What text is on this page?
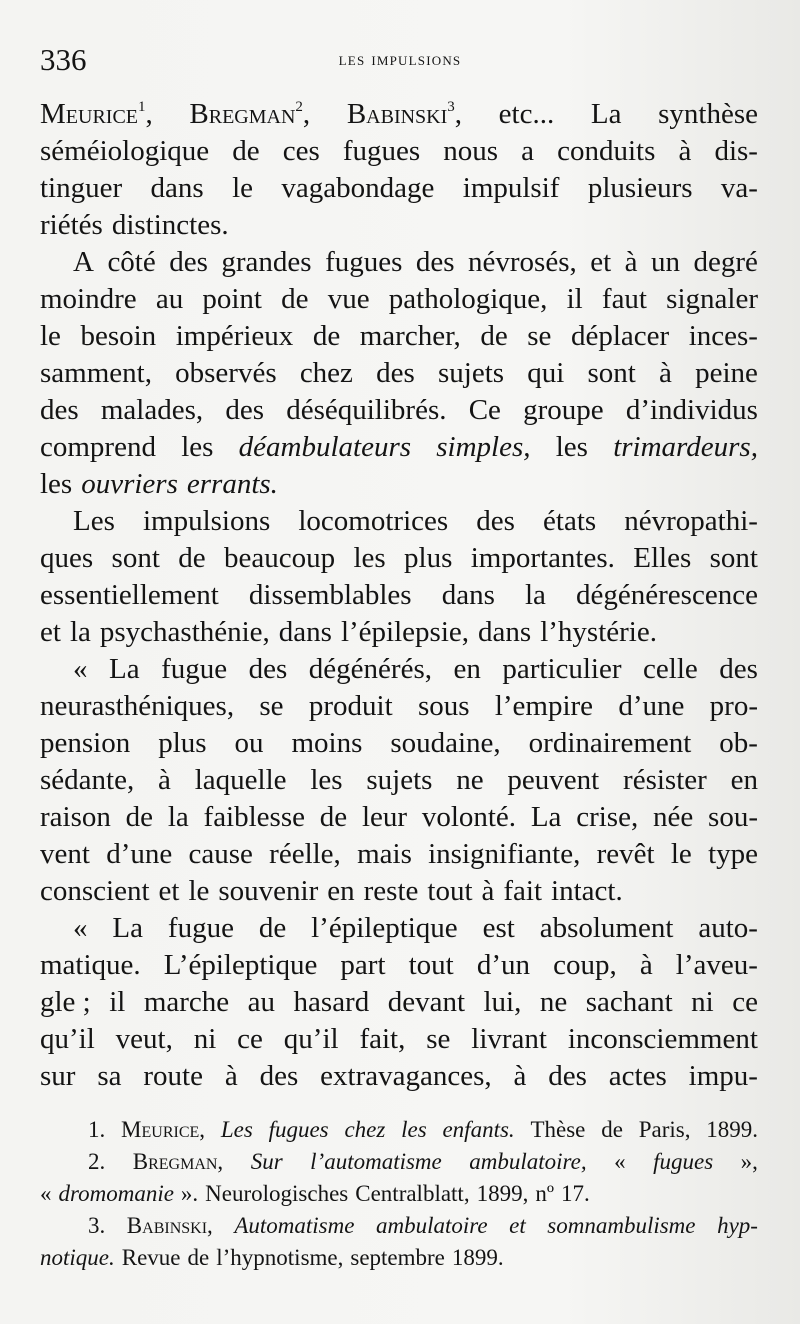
336	les impulsions
Meurice$^1$, Bregman$^2$, Babinski$^3$, etc... La synthèse
séméiologique de ces fugues nous a conduits à dis-
tinguer dans le vagabondage impulsif plusieurs va-
riétés distinctes.
A côté des grandes fugues des névrosés, et à un degré
moindre au point de vue pathologique, il faut signaler
le besoin impérieux de marcher, de se déplacer inces-
samment, observés chez des sujets qui sont à peine
des malades, des déséquilibrés. Ce groupe d’individus
comprend les déambulateurs simples, les trimardeurs,
les ouvriers errants.
Les impulsions locomotrices des états névropathi-
ques sont de beaucoup les plus importantes. Elles sont
essentiellement dissemblables dans la dégénérescence
et la psychasthénie, dans l’épilepsie, dans l’hystérie.
« La fugue des dégénérés, en particulier celle des
neurasthéniques, se produit sous l’empire d’une pro-
pension plus ou moins soudaine, ordinairement ob-
sédante, à laquelle les sujets ne peuvent résister en
raison de la faiblesse de leur volonté. La crise, née sou-
vent d’une cause réelle, mais insignifiante, revêt le type
conscient et le souvenir en reste tout à fait intact.
« La fugue de l’épileptique est absolument auto-
matique. L’épileptique part tout d’un coup, à l’aveu-
gle ; il marche au hasard devant lui, ne sachant ni ce
qu’il veut, ni ce qu’il fait, se livrant inconsciemment
sur sa route à des extravagances, à des actes impu-
1. Meurice, Les fugues chez les enfants. Thèse de Paris, 1899.
2. Bregman, Sur l’automatisme ambulatoire, « fugues »,
« dromomanie ». Neurologisches Centralblatt, 1899, nº 17.
3. Babinski, Automatisme ambulatoire et somnambulisme hyp-
notique. Revue de l’hypnotisme, septembre 1899.
